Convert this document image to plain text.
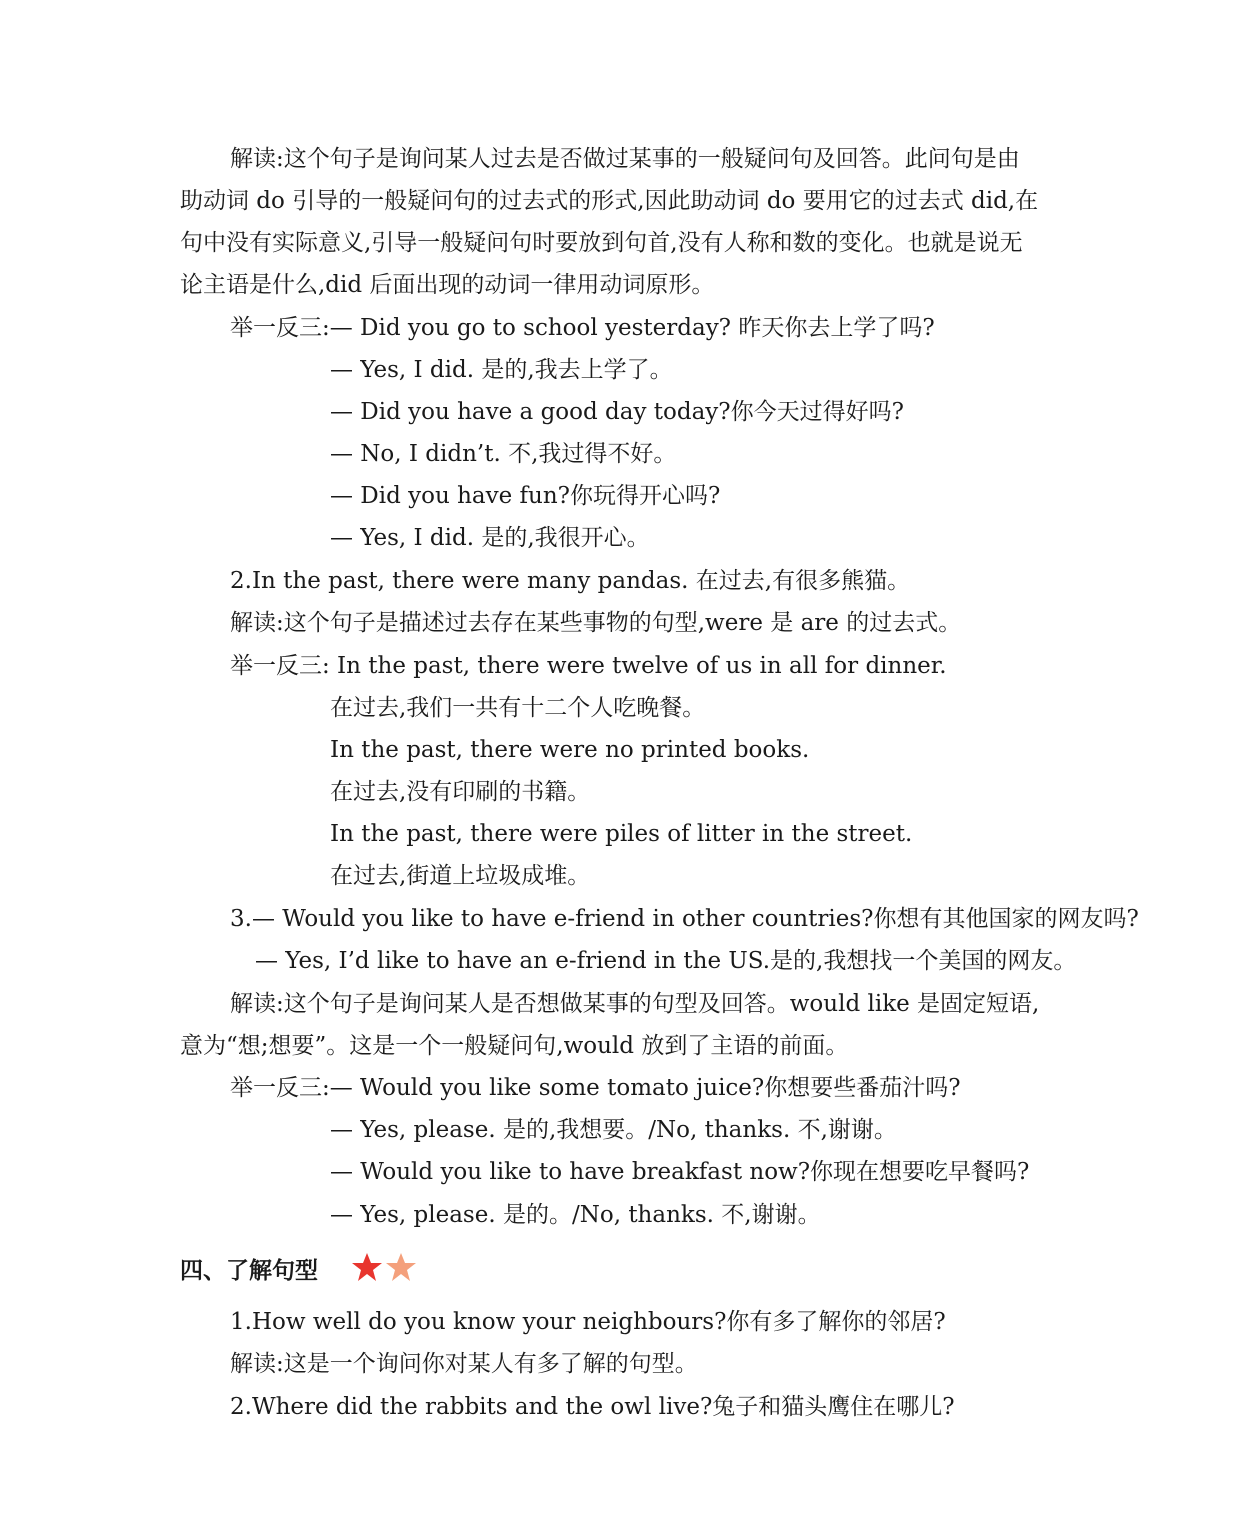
解读:这个句子是询问某人过去是否做过某事的一般疑问句及回答。此问句是由
助动词 do 引导的一般疑问句的过去式的形式,因此助动词 do 要用它的过去式 did,在
句中没有实际意义,引导一般疑问句时要放到句首,没有人称和数的变化。也就是说无
论主语是什么,did 后面出现的动词一律用动词原形。
举一反三:— Did you go to school yesterday? 昨天你去上学了吗?
— Yes, I did. 是的,我去上学了。
— Did you have a good day today?你今天过得好吗?
— No, I didn’t. 不,我过得不好。
— Did you have fun?你玩得开心吗?
— Yes, I did. 是的,我很开心。
2.In the past, there were many pandas. 在过去,有很多熊猫。
解读:这个句子是描述过去存在某些事物的句型,were 是 are 的过去式。
举一反三: In the past, there were twelve of us in all for dinner.
在过去,我们一共有十二个人吃晚餐。
In the past, there were no printed books.
在过去,没有印刷的书籍。
In the past, there were piles of litter in the street.
在过去,街道上垃圾成堆。
3.— Would you like to have e-friend in other countries?你想有其他国家的网友吗?
— Yes, I’d like to have an e-friend in the US.是的,我想找一个美国的网友。
解读:这个句子是询问某人是否想做某事的句型及回答。would like 是固定短语,
意为“想;想要”。这是一个一般疑问句,would 放到了主语的前面。
举一反三:— Would you like some tomato juice?你想要些番茄汁吗?
— Yes, please. 是的,我想要。/No, thanks. 不,谢谢。
— Would you like to have breakfast now?你现在想要吃早餐吗?
— Yes, please. 是的。/No, thanks. 不,谢谢。
四、了解句型
1.How well do you know your neighbours?你有多了解你的邻居?
解读:这是一个询问你对某人有多了解的句型。
2.Where did the rabbits and the owl live?兔子和猫头鹰住在哪儿?
